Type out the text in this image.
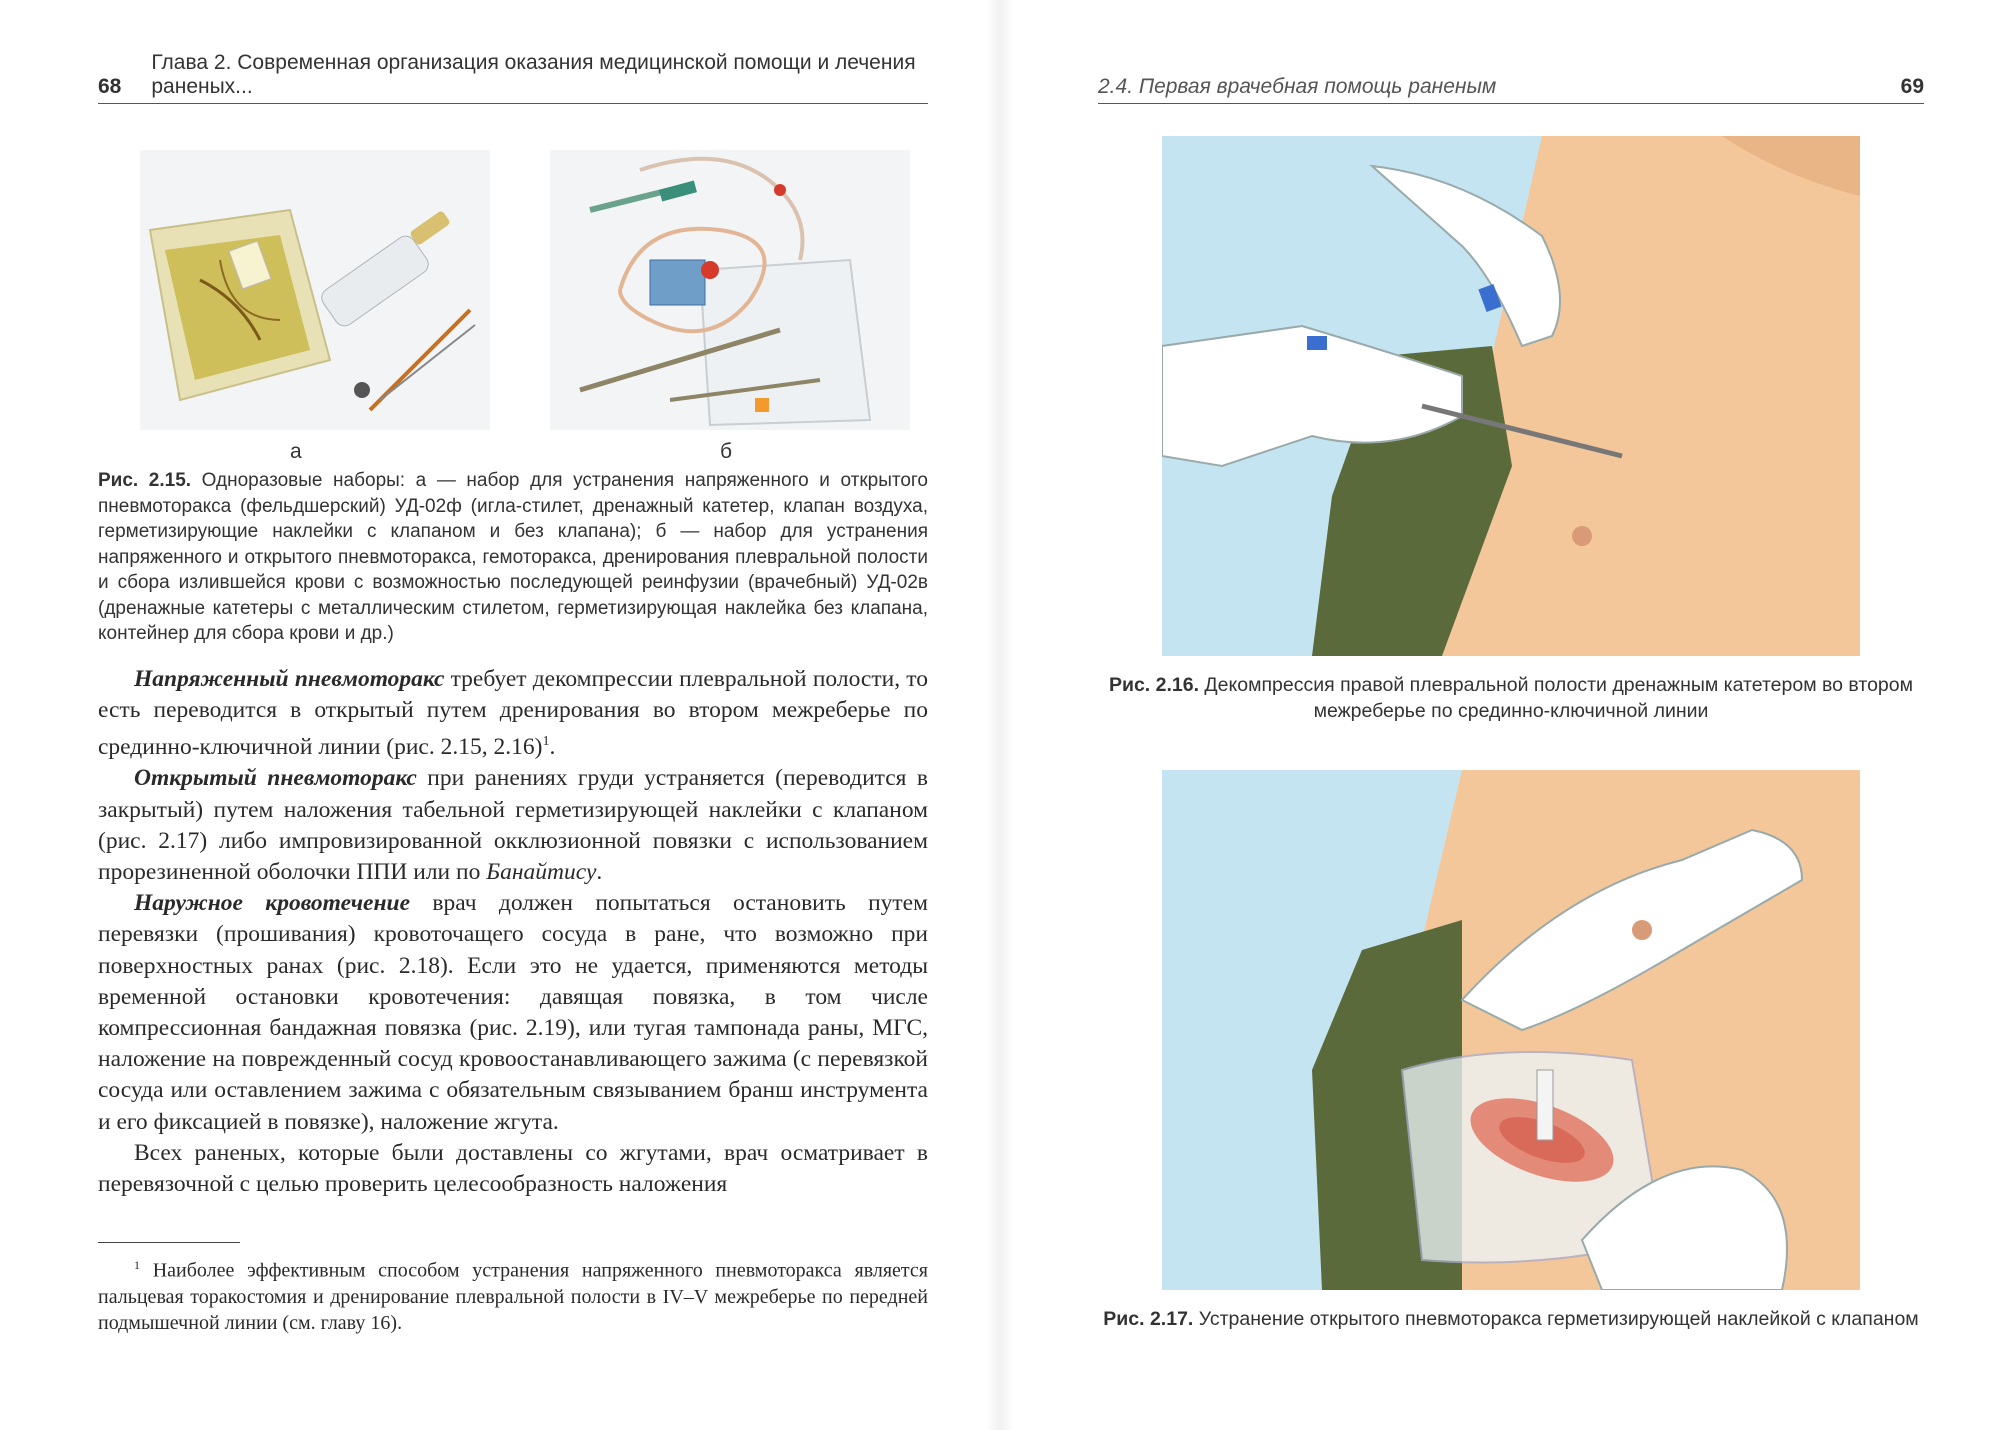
68
Глава 2. Современная организация оказания медицинской помощи и лечения раненых...
а	б
Рис. 2.15. Одноразовые наборы: а — набор для устранения напряженного и открытого пневмоторакса (фельдшерский) УД-02ф (игла-стилет, дренажный катетер, клапан воздуха, герметизирующие наклейки с клапаном и без клапана); б — набор для устранения напряженного и открытого пневмоторакса, гемоторакса, дренирования плевральной полости и сбора излившейся крови с возможностью последующей реинфузии (врачебный) УД-02в (дренажные катетеры с металлическим стилетом, герметизирующая наклейка без клапана, контейнер для сбора крови и др.)

Напряженный пневмоторакс требует декомпрессии плевральной полости, то есть переводится в открытый путем дренирования во втором межреберье по срединно-ключичной линии (рис. 2.15, 2.16)$^1$.

Открытый пневмоторакс при ранениях груди устраняется (переводится в закрытый) путем наложения табельной герметизирующей наклейки с клапаном (рис. 2.17) либо импровизированной окклюзионной повязки с использованием прорезиненной оболочки ППИ или по Банайтису.

Наружное кровотечение врач должен попытаться остановить путем перевязки (прошивания) кровоточащего сосуда в ране, что возможно при поверхностных ранах (рис. 2.18). Если это не удается, применяются методы временной остановки кровотечения: давящая повязка, в том числе компрессионная бандажная повязка (рис. 2.19), или тугая тампонада раны, МГС, наложение на поврежденный сосуд кровоостанавливающего зажима (с перевязкой сосуда или оставлением зажима с обязательным связыванием бранш инструмента и его фиксацией в повязке), наложение жгута.

Всех раненых, которые были доставлены со жгутами, врач осматривает в перевязочной с целью проверить целесообразность наложения

$^1$ Наиболее эффективным способом устранения напряженного пневмоторакса является пальцевая торакостомия и дренирование плевральной полости в IV–V межреберье по передней подмышечной линии (см. главу 16).
2.4. Первая врачебная помощь раненым	69
Рис. 2.16. Декомпрессия правой плевральной полости дренажным катетером во втором межреберье по срединно-ключичной линии
Рис. 2.17. Устранение открытого пневмоторакса герметизирующей наклейкой с клапаном
